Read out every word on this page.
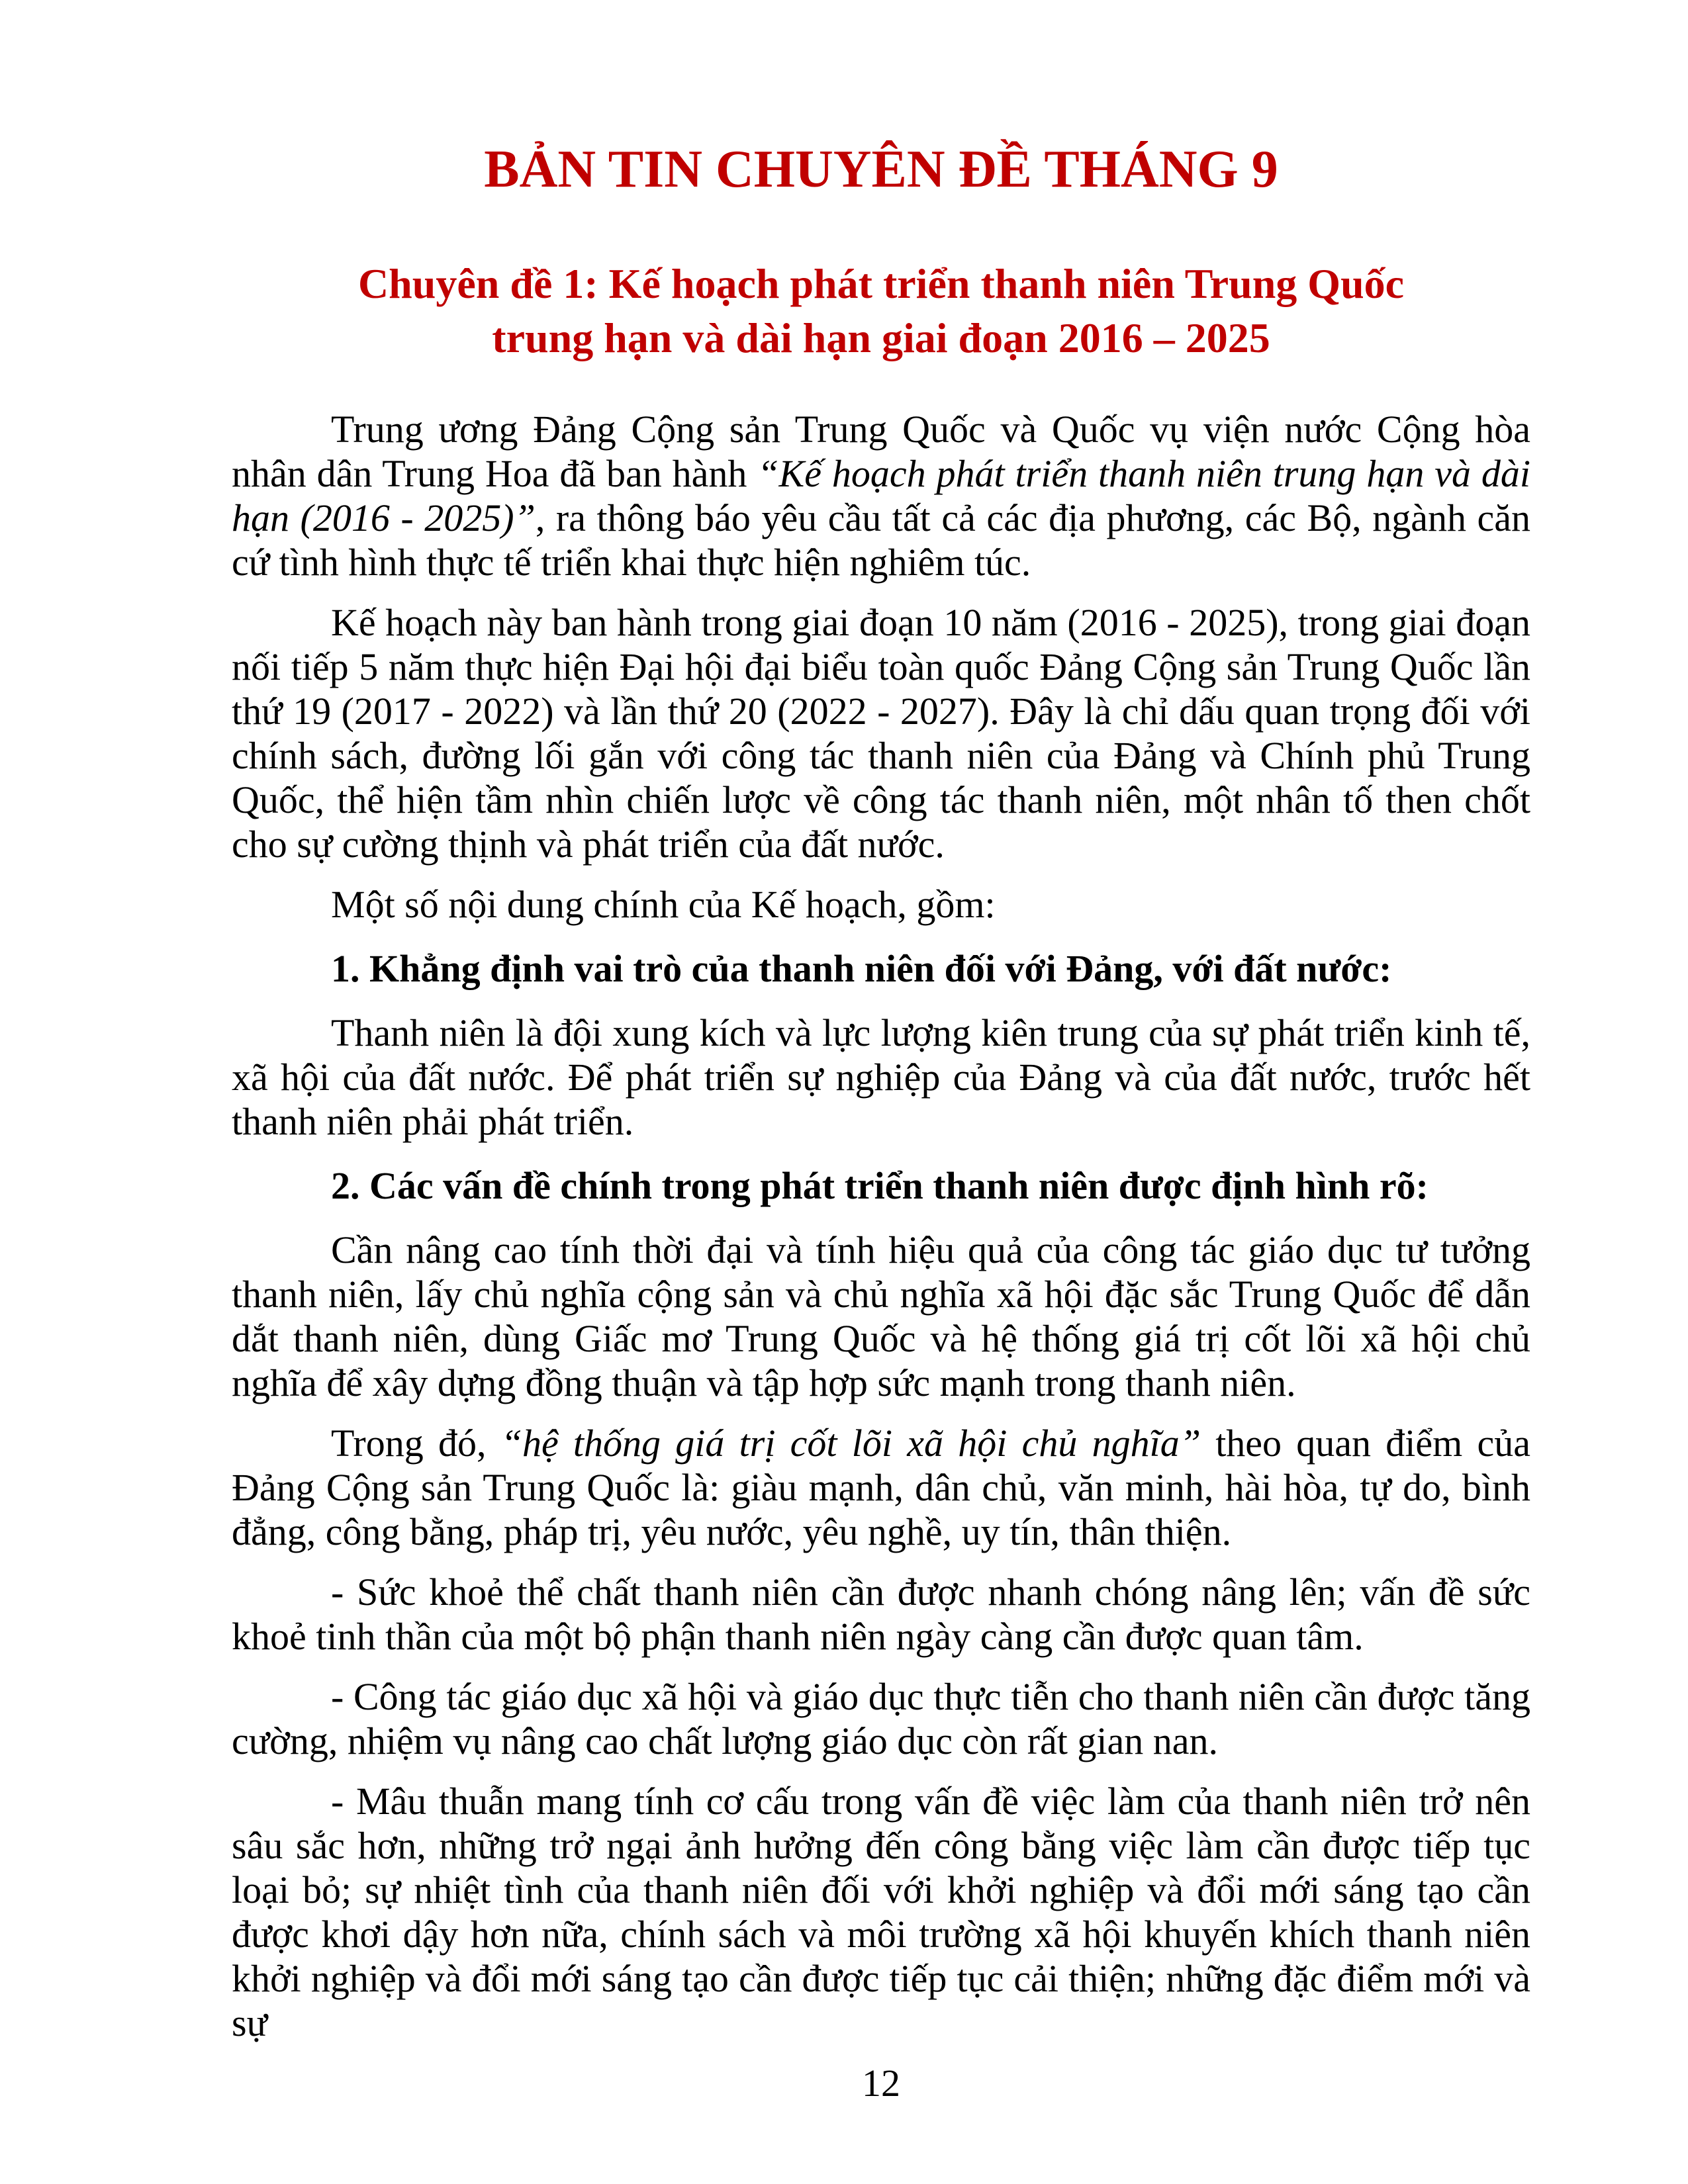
BẢN TIN CHUYÊN ĐỀ THÁNG 9
Chuyên đề 1: Kế hoạch phát triển thanh niên Trung Quốc
trung hạn và dài hạn giai đoạn 2016 – 2025

Trung ương Đảng Cộng sản Trung Quốc và Quốc vụ viện nước Cộng hòa nhân dân Trung Hoa đã ban hành “Kế hoạch phát triển thanh niên trung hạn và dài hạn (2016 - 2025)”, ra thông báo yêu cầu tất cả các địa phương, các Bộ, ngành căn cứ tình hình thực tế triển khai thực hiện nghiêm túc.

Kế hoạch này ban hành trong giai đoạn 10 năm (2016 - 2025), trong giai đoạn nối tiếp 5 năm thực hiện Đại hội đại biểu toàn quốc Đảng Cộng sản Trung Quốc lần thứ 19 (2017 - 2022) và lần thứ 20 (2022 - 2027). Đây là chỉ dấu quan trọng đối với chính sách, đường lối gắn với công tác thanh niên của Đảng và Chính phủ Trung Quốc, thể hiện tầm nhìn chiến lược về công tác thanh niên, một nhân tố then chốt cho sự cường thịnh và phát triển của đất nước.

Một số nội dung chính của Kế hoạch, gồm:

1. Khẳng định vai trò của thanh niên đối với Đảng, với đất nước:

Thanh niên là đội xung kích và lực lượng kiên trung của sự phát triển kinh tế, xã hội của đất nước. Để phát triển sự nghiệp của Đảng và của đất nước, trước hết thanh niên phải phát triển.

2. Các vấn đề chính trong phát triển thanh niên được định hình rõ:

Cần nâng cao tính thời đại và tính hiệu quả của công tác giáo dục tư tưởng thanh niên, lấy chủ nghĩa cộng sản và chủ nghĩa xã hội đặc sắc Trung Quốc để dẫn dắt thanh niên, dùng Giấc mơ Trung Quốc và hệ thống giá trị cốt lõi xã hội chủ nghĩa để xây dựng đồng thuận và tập hợp sức mạnh trong thanh niên.

Trong đó, “hệ thống giá trị cốt lõi xã hội chủ nghĩa” theo quan điểm của Đảng Cộng sản Trung Quốc là: giàu mạnh, dân chủ, văn minh, hài hòa, tự do, bình đẳng, công bằng, pháp trị, yêu nước, yêu nghề, uy tín, thân thiện.

- Sức khoẻ thể chất thanh niên cần được nhanh chóng nâng lên; vấn đề sức khoẻ tinh thần của một bộ phận thanh niên ngày càng cần được quan tâm.

- Công tác giáo dục xã hội và giáo dục thực tiễn cho thanh niên cần được tăng cường, nhiệm vụ nâng cao chất lượng giáo dục còn rất gian nan.

- Mâu thuẫn mang tính cơ cấu trong vấn đề việc làm của thanh niên trở nên sâu sắc hơn, những trở ngại ảnh hưởng đến công bằng việc làm cần được tiếp tục loại bỏ; sự nhiệt tình của thanh niên đối với khởi nghiệp và đổi mới sáng tạo cần được khơi dậy hơn nữa, chính sách và môi trường xã hội khuyến khích thanh niên khởi nghiệp và đổi mới sáng tạo cần được tiếp tục cải thiện; những đặc điểm mới và sự

12
